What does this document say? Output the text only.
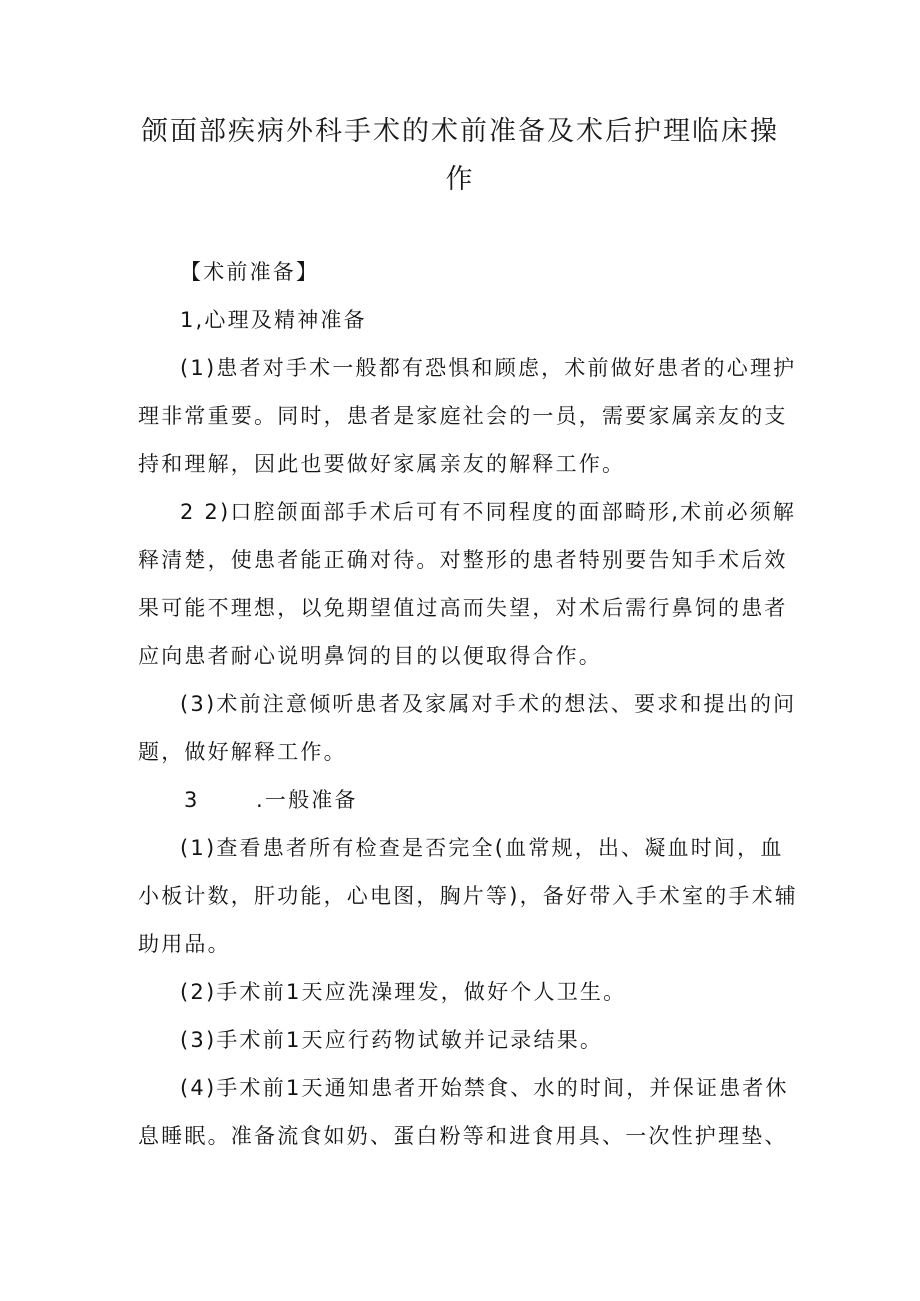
颌面部疾病外科手术的术前准备及术后护理临床操作
【术前准备】
1,心理及精神准备
(1)患者对手术一般都有恐惧和顾虑，术前做好患者的心理护理非常重要。同时，患者是家庭社会的一员，需要家属亲友的支持和理解，因此也要做好家属亲友的解释工作。
2 2)口腔颌面部手术后可有不同程度的面部畸形,术前必须解释清楚，使患者能正确对待。对整形的患者特别要告知手术后效果可能不理想，以免期望值过高而失望，对术后需行鼻饲的患者应向患者耐心说明鼻饲的目的以便取得合作。
(3)术前注意倾听患者及家属对手术的想法、要求和提出的问题，做好解释工作。
3	.一般准备
(1)查看患者所有检查是否完全(血常规，出、凝血时间，血小板计数，肝功能，心电图，胸片等)，备好带入手术室的手术辅助用品。
(2)手术前1天应洗澡理发，做好个人卫生。
(3)手术前1天应行药物试敏并记录结果。
(4)手术前1天通知患者开始禁食、水的时间，并保证患者休息睡眠。准备流食如奶、蛋白粉等和进食用具、一次性护理垫、
